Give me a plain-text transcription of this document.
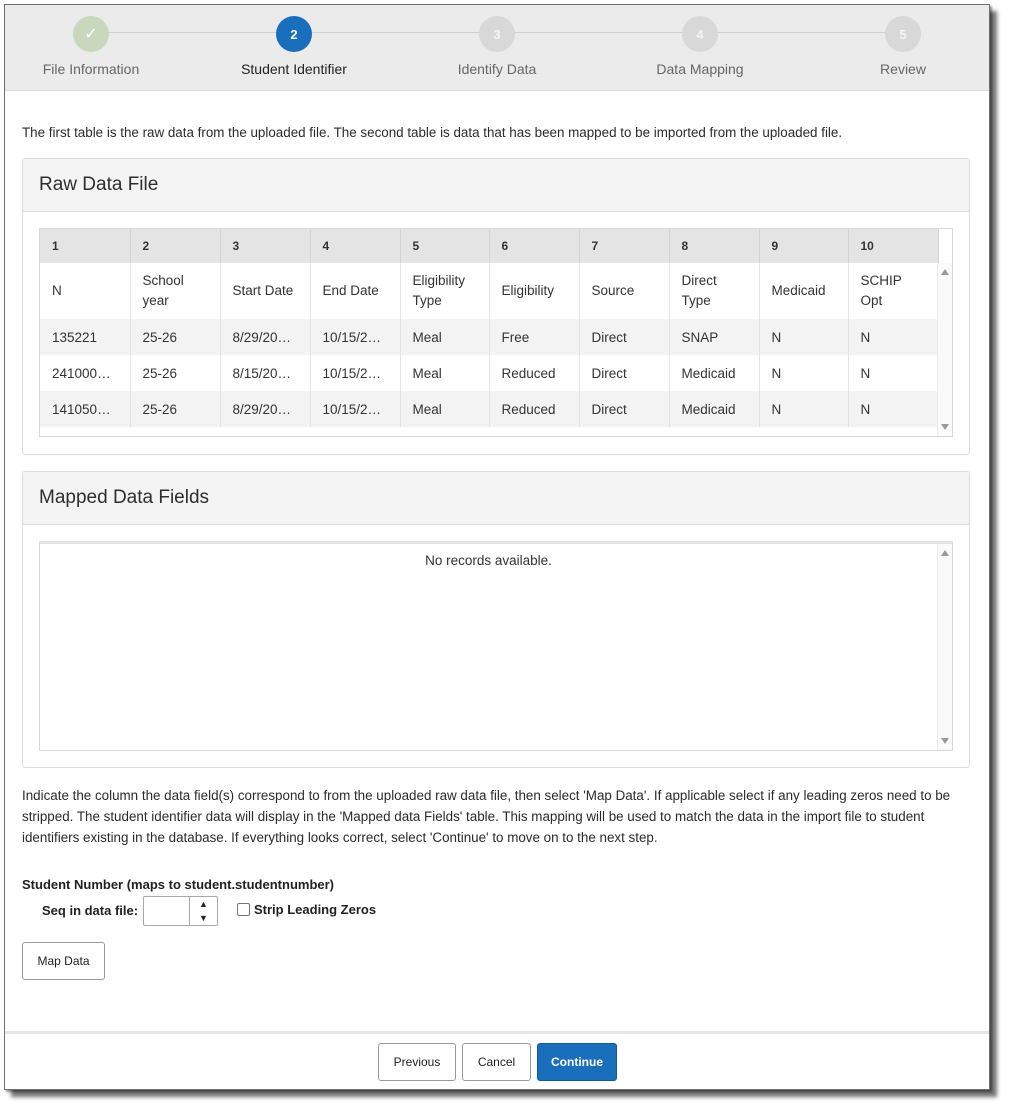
✓
File Information
2
Student Identifier
3
Identify Data
4
Data Mapping
5
Review
The first table is the raw data from the uploaded file. The second table is data that has been mapped to be imported from the uploaded file.
Raw Data File
1	2	3	4	5	6	7	8	9	10
N	School year	Start Date	End Date	Eligibility Type	Eligibility	Source	Direct Type	Medicaid	SCHIP Opt
135221	25-26	8/29/20…	10/15/2…	Meal	Free	Direct	SNAP	N	N
2410001…	25-26	8/15/20…	10/15/2…	Meal	Reduced	Direct	Medicaid	N	N
1410500…	25-26	8/29/20…	10/15/2…	Meal	Reduced	Direct	Medicaid	N	N
Mapped Data Fields
No records available.
Indicate the column the data field(s) correspond to from the uploaded raw data file, then select 'Map Data'. If applicable select if any leading zeros need to be stripped. The student identifier data will display in the 'Mapped data Fields' table. This mapping will be used to match the data in the import file to student identifiers existing in the database. If everything looks correct, select 'Continue' to move on to the next step.
Student Number (maps to student.studentnumber)
Seq in data file:	▲
▼
Strip Leading Zeros
Map Data
Previous	Cancel	Continue
